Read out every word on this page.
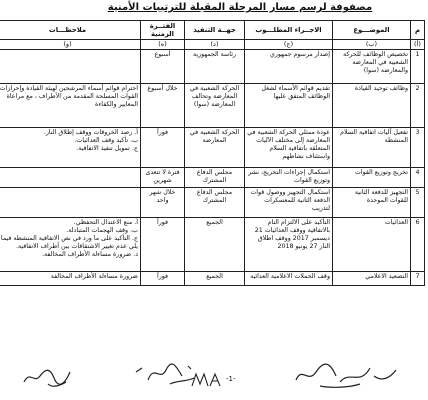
مصفوفة لرسم مسار المرحلة المقبلة للترتيبات الأمنية
م	الموضـــوع	الاجــراء المطلـــوب	جهــة التنفيذ	الفتــرة الزمنية	ملاحظـــات
(أ)	(ب)	(ج)	(د)	(ه)	(و)
1	تخصيص الوظائف للحركة الشعبية في المعارضة والمعارضة (سوا)	إصدار مرسوم جمهوري	رئاسة الجمهورية	أسبوع	
2	وظائف توحيد القيادة	تقديم قوائم الأسماء لشغل الوظائف المتفق عليها	الحركة الشعبية في المعارضة وتحالف المعارضة (سوا)	خلال أسبوع	احترام قوائم أسماء المرشحين لهيئة القيادة وإحرازات القوات المسلحة المقدمة من الأطراف ، مع مراعاة المعايير والكفاءة
3	تفعيل آليات اتفاقية السلام المنشطة	عودة ممثلي الحركة الشعبية في المعارضة إلى مختلف الآليات المتعلقة باتفاقية السلام واستئناف نشاطهم	الحركة الشعبية في المعارضة	فوراً	أ. رصد الخروقات ووقف إطلاق النار.
ب. تأكيد وقف العدائيات.
ج. تمويل تنفيذ الاتفاقية.
4	تخريج وتوزيع القوات	استكمال إجراءات التخريج، نشر وتوزيع القوات	مجلس الدفاع المشترك	فترة لا تتعدى شهرين	
5	التجهيز للدفعة الثانية للقوات الموحدة	استكمال التجهيز ووصول قوات الدفعة الثانية للمعسكرات لتدريب	مجلس الدفاع المشترك	خلال شهر واحد	
6	العدائيات	التأكيد على الالتزام التام بالاتفاقية ووقف العدائيات 21 ديسمبر 2017 ووقف اطلاق النار 27 يونيو 2018	الجميع	فوراً	أ. منع الاعتدال التحفظي.
ب. وقف الهجمات المتبادلة.
ج. التأكيد على ما ورد في نص الاتفاقية المنشطة فيما يلي عدم تغيير الاشتقاقات بين أطراف الاتفاقية.
د. ضرورة مساءلة الأطراف المخالفة.
7	التصعيد الاعلامي	وقف الحملات الاعلامية العدائية	الجميع	فوراً	ضرورة مساءلة الأطراف المخالفة
-1-
